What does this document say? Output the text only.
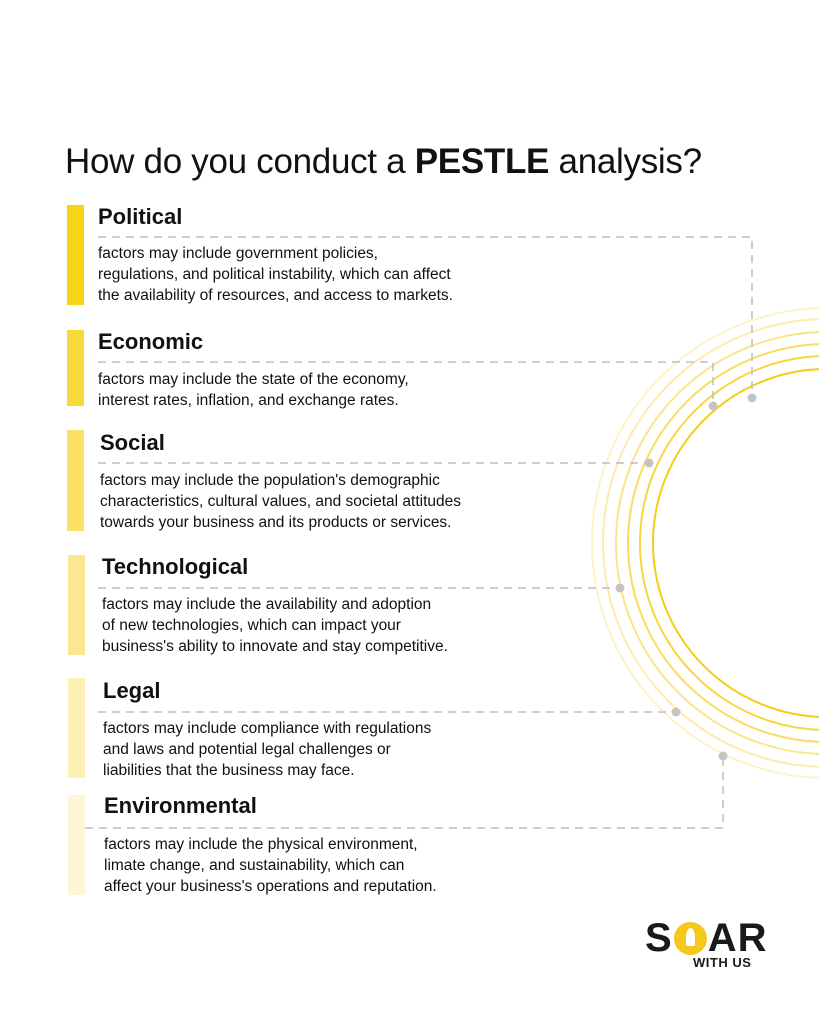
How do you conduct a PESTLE analysis?
Political
factors may include government policies,
regulations, and political instability, which can affect
the availability of resources, and access to markets.
Economic
factors may include the state of the economy,
interest rates, inflation, and exchange rates.
Social
factors may include the population's demographic
characteristics, cultural values, and societal attitudes
towards your business and its products or services.
Technological
factors may include the availability and adoption
of new technologies, which can impact your
business's ability to innovate and stay competitive.
Legal
factors may include compliance with regulations
and laws and potential legal challenges or
liabilities that the business may face.
Environmental
factors may include the physical environment,
limate change, and sustainability, which can
affect your business's operations and reputation.
S AR
WITH US
